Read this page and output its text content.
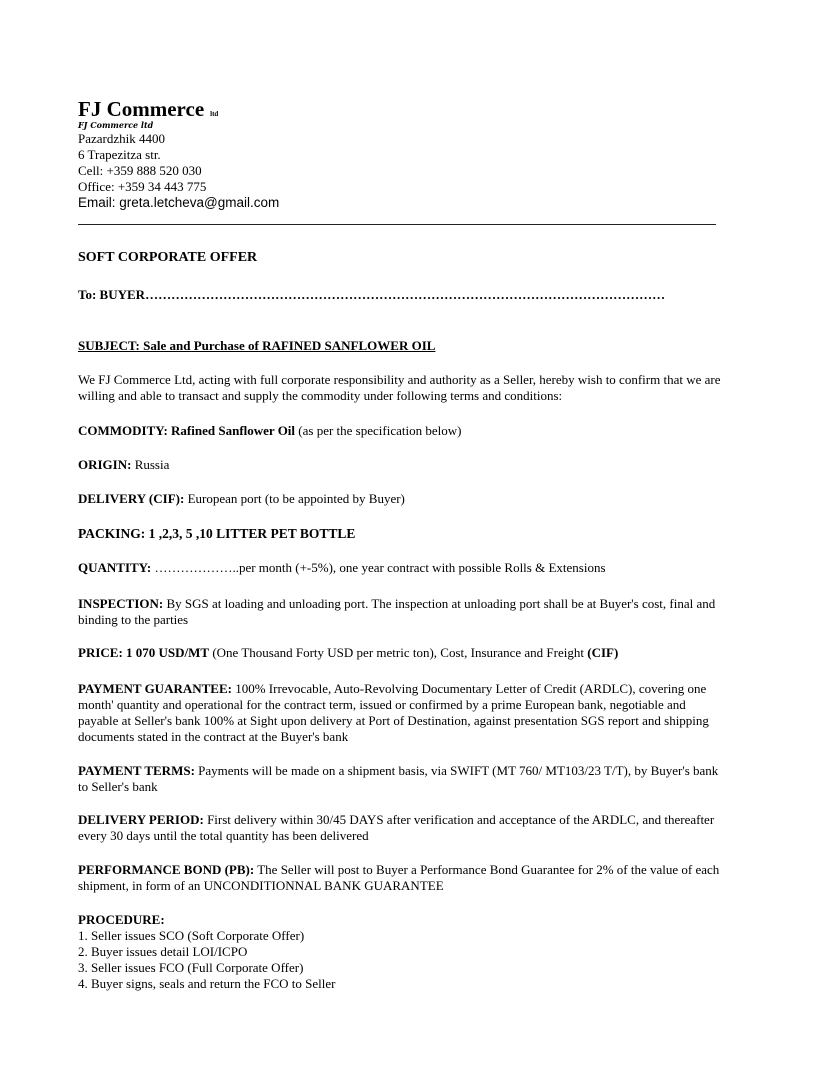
FJ Commerce ltd
FJ Commerce ltd
Pazardzhik 4400
6 Trapezitza str.
Cell: +359 888 520 030
Office: +359 34 443 775
Email: greta.letcheva@gmail.com
SOFT CORPORATE OFFER
To: BUYER…………………………………………………………………………………………………………
SUBJECT: Sale and Purchase of RAFINED SANFLOWER OIL
We FJ Commerce Ltd, acting with full corporate responsibility and authority as a Seller, hereby wish to confirm that we are willing and able to transact and supply the commodity under following terms and conditions:
COMMODITY: Rafined Sanflower Oil (as per the specification below)
ORIGIN: Russia
DELIVERY (CIF): European port (to be appointed by Buyer)
PACKING: 1 ,2,3, 5 ,10 LITTER PET BOTTLE
QUANTITY: ………………..per month (+-5%), one year contract with possible Rolls & Extensions
INSPECTION: By SGS at loading and unloading port. The inspection at unloading port shall be at Buyer's cost, final and binding to the parties
PRICE: 1 070 USD/MT (One Thousand Forty USD per metric ton), Cost, Insurance and Freight (CIF)
PAYMENT GUARANTEE: 100% Irrevocable, Auto-Revolving Documentary Letter of Credit (ARDLC), covering one month' quantity and operational for the contract term, issued or confirmed by a prime European bank, negotiable and payable at Seller's bank 100% at Sight upon delivery at Port of Destination, against presentation SGS report and shipping documents stated in the contract at the Buyer's bank
PAYMENT TERMS: Payments will be made on a shipment basis, via SWIFT (MT 760/ MT103/23 T/T), by Buyer's bank to Seller's bank
DELIVERY PERIOD: First delivery within 30/45 DAYS after verification and acceptance of the ARDLC, and thereafter every 30 days until the total quantity has been delivered
PERFORMANCE BOND (PB): The Seller will post to Buyer a Performance Bond Guarantee for 2% of the value of each shipment, in form of an UNCONDITIONNAL BANK GUARANTEE
PROCEDURE:
1. Seller issues SCO (Soft Corporate Offer)
2. Buyer issues detail LOI/ICPO
3. Seller issues FCO (Full Corporate Offer)
4. Buyer signs, seals and return the FCO to Seller
